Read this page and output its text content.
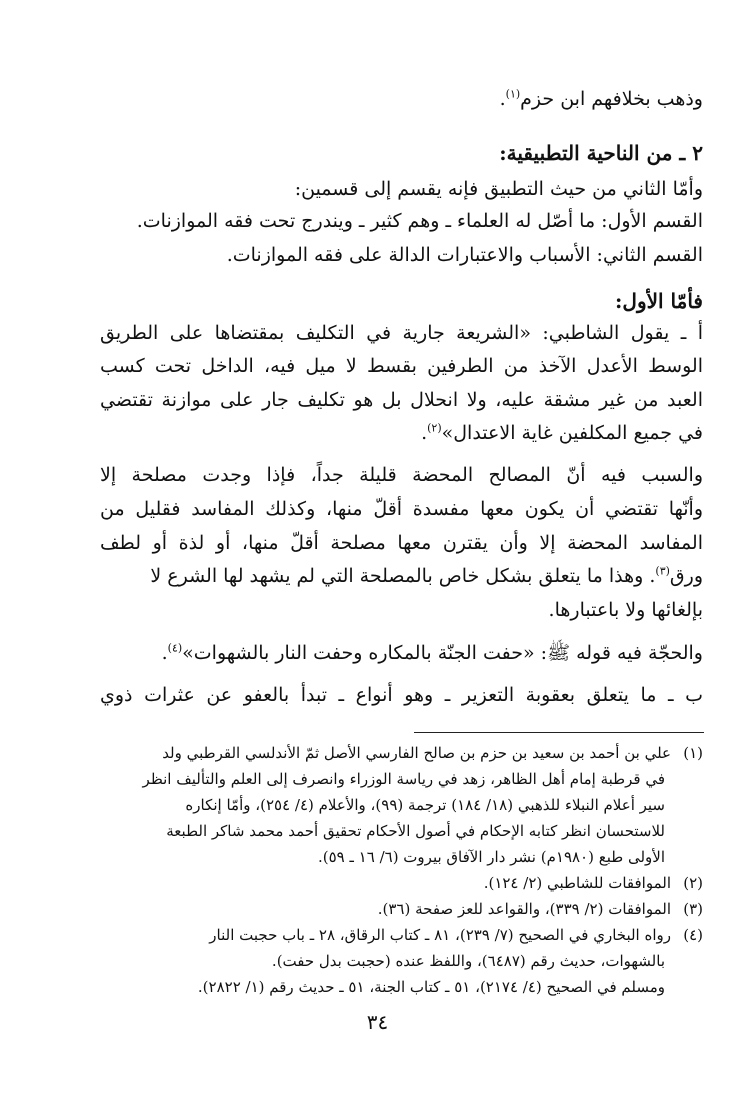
وذهب بخلافهم ابن حزم$^{(١)}$.
٢ ـ من الناحية التطبيقية:
وأمّا الثاني من حيث التطبيق فإنه يقسم إلى قسمين:
القسم الأول: ما أصّل له العلماء ـ وهم كثير ـ ويندرج تحت فقه الموازنات.
القسم الثاني: الأسباب والاعتبارات الدالة على فقه الموازنات.
فأمّا الأول:
أ ـ يقول الشاطبي: «الشريعة جارية في التكليف بمقتضاها على الطريق
الوسط الأعدل الآخذ من الطرفين بقسط لا ميل فيه، الداخل تحت كسب
العبد من غير مشقة عليه، ولا انحلال بل هو تكليف جار على موازنة تقتضي
في جميع المكلفين غاية الاعتدال»$^{(٢)}$.
والسبب فيه أنّ المصالح المحضة قليلة جداً، فإذا وجدت مصلحة إلا
وأنّها تقتضي أن يكون معها مفسدة أقلّ منها، وكذلك المفاسد فقليل من
المفاسد المحضة إلا وأن يقترن معها مصلحة أقلّ منها، أو لذة أو لطف
ورق$^{(٣)}$. وهذا ما يتعلق بشكل خاص بالمصلحة التي لم يشهد لها الشرع لا
بإلغائها ولا باعتبارها.
والحجّة فيه قوله ﷺ: «حفت الجنّة بالمكاره وحفت النار بالشهوات»$^{(٤)}$.
ب ـ ما يتعلق بعقوبة التعزير ـ وهو أنواع ـ تبدأ بالعفو عن عثرات ذوي
(١)علي بن أحمد بن سعيد بن حزم بن صالح الفارسي الأصل ثمّ الأندلسي القرطبي ولد
في قرطبة إمام أهل الظاهر، زهد في رياسة الوزراء وانصرف إلى العلم والتأليف انظر
سير أعلام النبلاء للذهبي (١٨/ ١٨٤) ترجمة (٩٩)، والأعلام (٤/ ٢٥٤)، وأمّا إنكاره
للاستحسان انظر كتابه الإحكام في أصول الأحكام تحقيق أحمد محمد شاكر الطبعة
الأولى طبع (١٩٨٠م) نشر دار الآفاق بيروت (٦/ ١٦ ـ ٥٩).
(٢)الموافقات للشاطبي (٢/ ١٢٤).
(٣)الموافقات (٢/ ٣٣٩)، والقواعد للعز صفحة (٣٦).
(٤)رواه البخاري في الصحيح (٧/ ٢٣٩)، ٨١ ـ كتاب الرقاق، ٢٨ ـ باب حجبت النار
بالشهوات، حديث رقم (٦٤٨٧)، واللفظ عنده (حجبت بدل حفت).
ومسلم في الصحيح (٤/ ٢١٧٤)، ٥١ ـ كتاب الجنة، ٥١ ـ حديث رقم (١/ ٢٨٢٢).
٣٤
